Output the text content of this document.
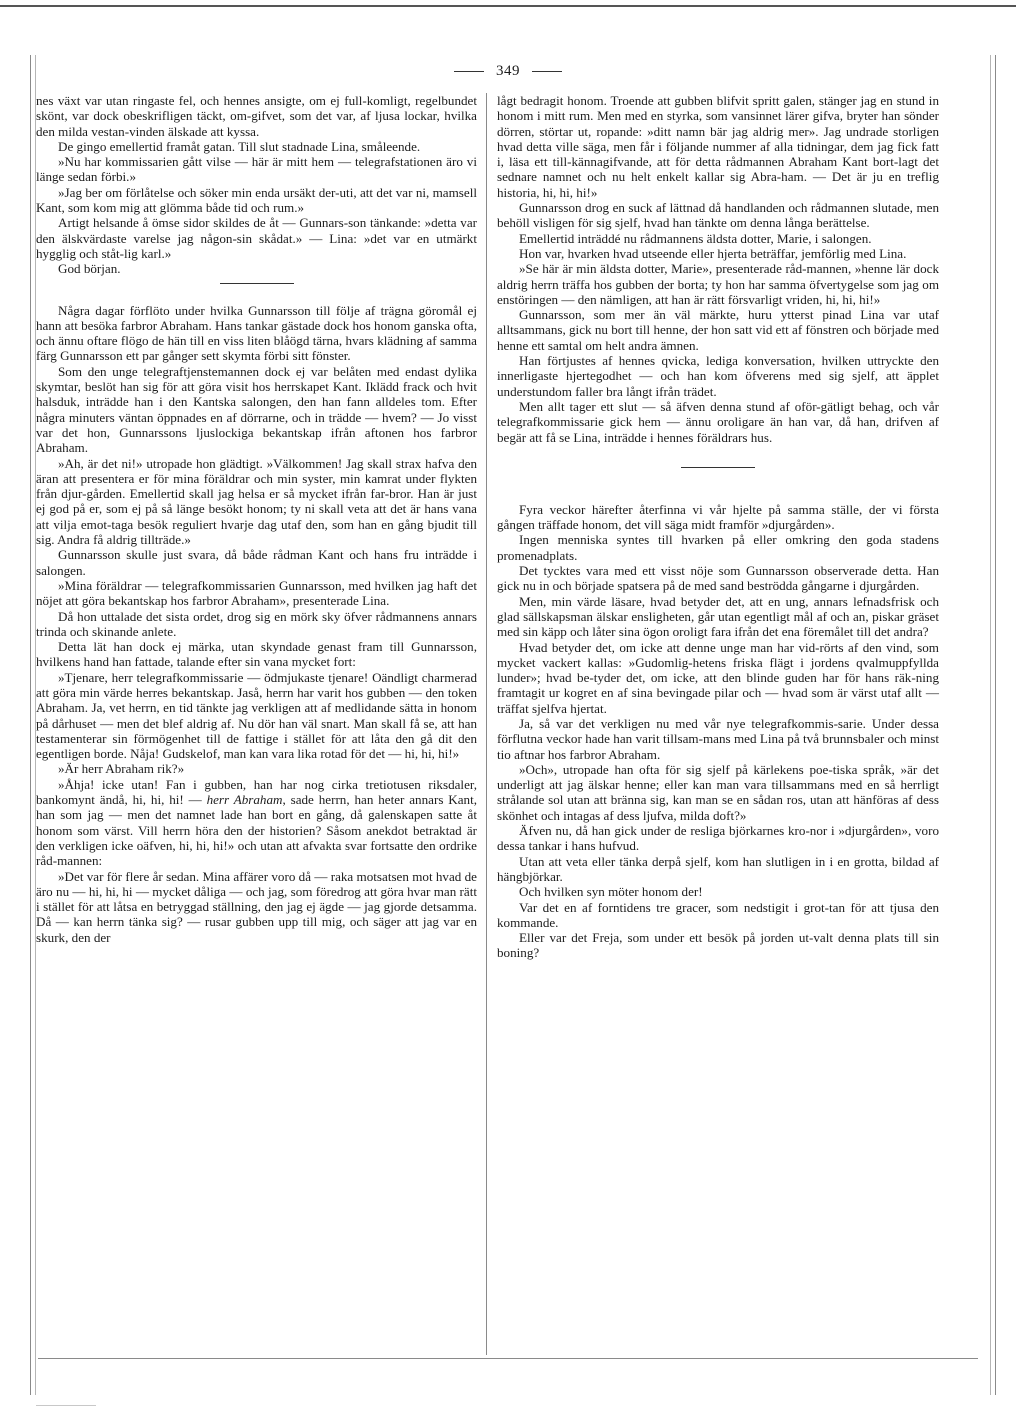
349

nes växt var utan ringaste fel, och hennes ansigte, om ej full-komligt, regelbundet skönt, var dock obeskrifligen täckt, om-gifvet, som det var, af ljusa lockar, hvilka den milda vestan-vinden älskade att kyssa.

De gingo emellertid framåt gatan. Till slut stadnade Lina, småleende.

»Nu har kommissarien gått vilse — här är mitt hem — telegrafstationen äro vi länge sedan förbi.»

»Jag ber om förlåtelse och söker min enda ursäkt der-uti, att det var ni, mamsell Kant, som kom mig att glömma både tid och rum.»

Artigt helsande å ömse sidor skildes de åt — Gunnars-son tänkande: »detta var den älskvärdaste varelse jag någon-sin skådat.» — Lina: »det var en utmärkt hygglig och ståt-lig karl.»

God början.

Några dagar förflöto under hvilka Gunnarsson till följe af trägna göromål ej hann att besöka farbror Abraham. Hans tankar gästade dock hos honom ganska ofta, och ännu oftare flögo de hän till en viss liten blåögd tärna, hvars klädning af samma färg Gunnarsson ett par gånger sett skymta förbi sitt fönster.

Som den unge telegraftjenstemannen dock ej var belåten med endast dylika skymtar, beslöt han sig för att göra visit hos herrskapet Kant. Iklädd frack och hvit halsduk, inträdde han i den Kantska salongen, den han fann alldeles tom. Efter några minuters väntan öppnades en af dörrarne, och in trädde — hvem? — Jo visst var det hon, Gunnarssons ljuslockiga bekantskap ifrån aftonen hos farbror Abraham.

»Ah, är det ni!» utropade hon glädtigt. »Välkommen! Jag skall strax hafva den äran att presentera er för mina föräldrar och min syster, min kamrat under flykten från djur-gården. Emellertid skall jag helsa er så mycket ifrån far-bror. Han är just ej god på er, som ej på så länge besökt honom; ty ni skall veta att det är hans vana att vilja emot-taga besök reguliert hvarje dag utaf den, som han en gång bjudit till sig. Andra få aldrig tillträde.»

Gunnarsson skulle just svara, då både rådman Kant och hans fru inträdde i salongen.

»Mina föräldrar — telegrafkommissarien Gunnarsson, med hvilken jag haft det nöjet att göra bekantskap hos farbror Abraham», presenterade Lina.

Då hon uttalade det sista ordet, drog sig en mörk sky öfver rådmannens annars trinda och skinande anlete.

Detta lät han dock ej märka, utan skyndade genast fram till Gunnarsson, hvilkens hand han fattade, talande efter sin vana mycket fort:

»Tjenare, herr telegrafkommissarie — ödmjukaste tjenare! Oändligt charmerad att göra min värde herres bekantskap. Jaså, herrn har varit hos gubben — den token Abraham. Ja, vet herrn, en tid tänkte jag verkligen att af medlidande sätta in honom på dårhuset — men det blef aldrig af. Nu dör han väl snart. Man skall få se, att han testamenterar sin förmögenhet till de fattige i stället för att låta den gå dit den egentligen borde. Nåja! Gudskelof, man kan vara lika rotad för det — hi, hi, hi!»

»Är herr Abraham rik?»

»Åhja! icke utan! Fan i gubben, han har nog cirka tretiotusen riksdaler, bankomynt ändå, hi, hi, hi! — herr Abraham, sade herrn, han heter annars Kant, han som jag — men det namnet lade han bort en gång, då galenskapen satte åt honom som värst. Vill herrn höra den der historien? Såsom anekdot betraktad är den verkligen icke oäfven, hi, hi, hi!» och utan att afvakta svar fortsatte den ordrike råd-mannen:

»Det var för flere år sedan. Mina affärer voro då — raka motsatsen mot hvad de äro nu — hi, hi, hi — mycket dåliga — och jag, som föredrog att göra hvar man rätt i stället för att låtsa en betryggad ställning, den jag ej ägde — jag gjorde detsamma. Då — kan herrn tänka sig? — rusar gubben upp till mig, och säger att jag var en skurk, den der

lågt bedragit honom. Troende att gubben blifvit spritt galen, stänger jag en stund in honom i mitt rum. Men med en styrka, som vansinnet lärer gifva, bryter han sönder dörren, störtar ut, ropande: »ditt namn bär jag aldrig mer». Jag undrade storligen hvad detta ville säga, men får i följande nummer af alla tidningar, dem jag fick fatt i, läsa ett till-kännagifvande, att för detta rådmannen Abraham Kant bort-lagt det sednare namnet och nu helt enkelt kallar sig Abra-ham. — Det är ju en treflig historia, hi, hi, hi!»

Gunnarsson drog en suck af lättnad då handlanden och rådmannen slutade, men behöll visligen för sig sjelf, hvad han tänkte om denna långa berättelse.

Emellertid inträddé nu rådmannens äldsta dotter, Marie, i salongen.

Hon var, hvarken hvad utseende eller hjerta beträffar, jemförlig med Lina.

»Se här är min äldsta dotter, Marie», presenterade råd-mannen, »henne lär dock aldrig herrn träffa hos gubben der borta; ty hon har samma öfvertygelse som jag om enstöringen — den nämligen, att han är rätt försvarligt vriden, hi, hi, hi!»

Gunnarsson, som mer än väl märkte, huru ytterst pinad Lina var utaf alltsammans, gick nu bort till henne, der hon satt vid ett af fönstren och började med henne ett samtal om helt andra ämnen.

Han förtjustes af hennes qvicka, lediga konversation, hvilken uttryckte den innerligaste hjertegodhet — och han kom öfverens med sig sjelf, att äpplet understundom faller bra långt ifrån trädet.

Men allt tager ett slut — så äfven denna stund af oför-gätligt behag, och vår telegrafkommissarie gick hem — ännu oroligare än han var, då han, drifven af begär att få se Lina, inträdde i hennes föräldrars hus.

Fyra veckor härefter återfinna vi vår hjelte på samma ställe, der vi första gången träffade honom, det vill säga midt framför »djurgården».

Ingen menniska syntes till hvarken på eller omkring den goda stadens promenadplats.

Det tycktes vara med ett visst nöje som Gunnarsson observerade detta. Han gick nu in och började spatsera på de med sand beströdda gångarne i djurgården.

Men, min värde läsare, hvad betyder det, att en ung, annars lefnadsfrisk och glad sällskapsman älskar ensligheten, går utan egentligt mål af och an, piskar gräset med sin käpp och låter sina ögon oroligt fara ifrån det ena föremålet till det andra?

Hvad betyder det, om icke att denne unge man har vid-rörts af den vind, som mycket vackert kallas: »Gudomlig-hetens friska flägt i jordens qvalmuppfyllda lunder»; hvad be-tyder det, om icke, att den blinde guden har för hans räk-ning framtagit ur kogret en af sina bevingade pilar och — hvad som är värst utaf allt — träffat sjelfva hjertat.

Ja, så var det verkligen nu med vår nye telegrafkommis-sarie. Under dessa förflutna veckor hade han varit tillsam-mans med Lina på två brunnsbaler och minst tio aftnar hos farbror Abraham.

»Och», utropade han ofta för sig sjelf på kärlekens poe-tiska språk, »är det underligt att jag älskar henne; eller kan man vara tillsammans med en så herrligt strålande sol utan att bränna sig, kan man se en sådan ros, utan att hänföras af dess skönhet och intagas af dess ljufva, milda doft?»

Äfven nu, då han gick under de resliga björkarnes kro-nor i »djurgården», voro dessa tankar i hans hufvud.

Utan att veta eller tänka derpå sjelf, kom han slutligen in i en grotta, bildad af hängbjörkar.

Och hvilken syn möter honom der!

Var det en af forntidens tre gracer, som nedstigit i grot-tan för att tjusa den kommande.

Eller var det Freja, som under ett besök på jorden ut-valt denna plats till sin boning?
